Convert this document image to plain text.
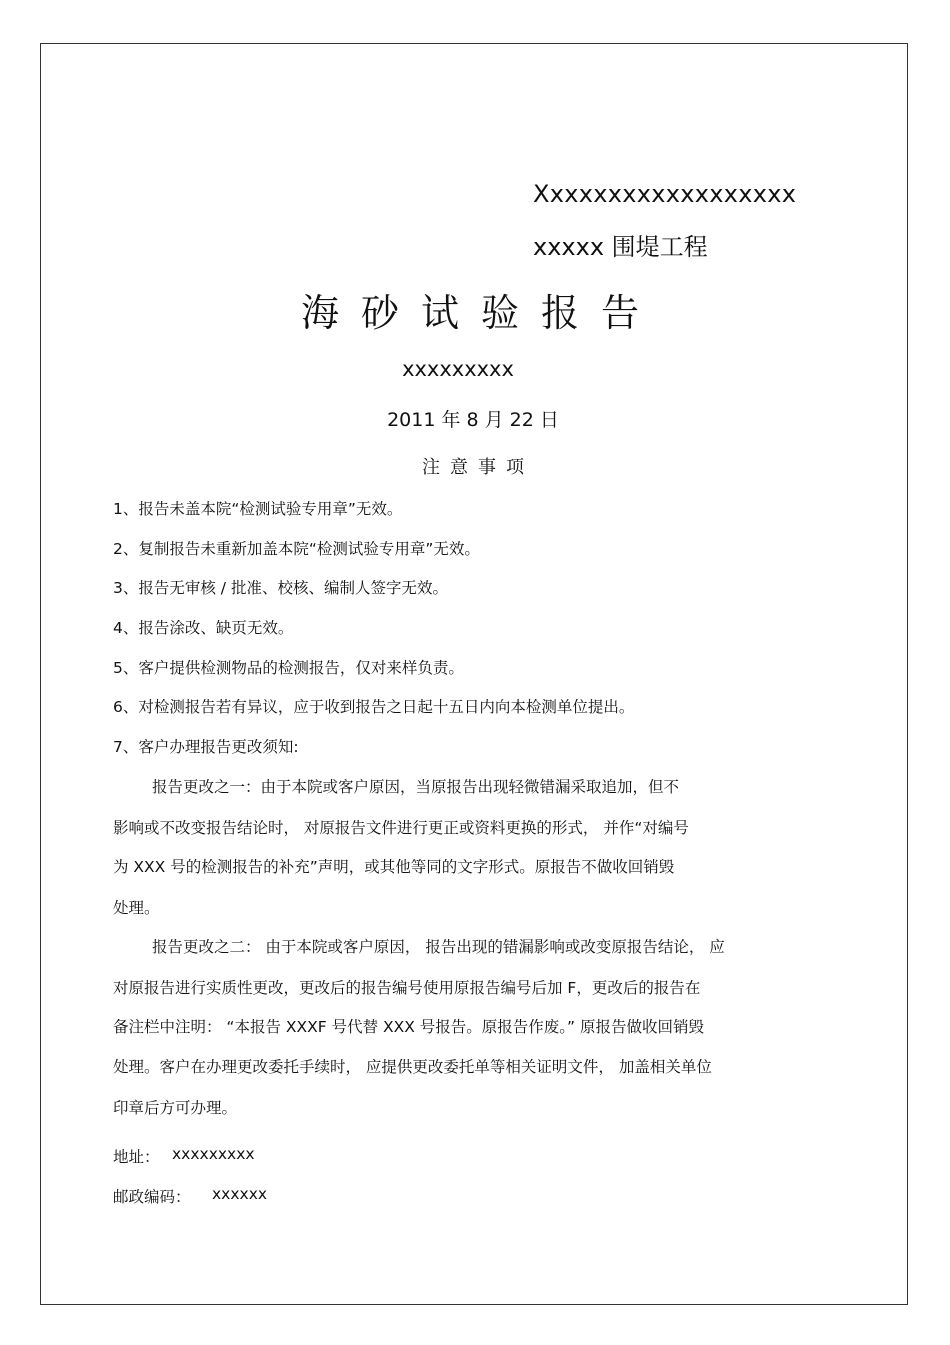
Xxxxxxxxxxxxxxxxxx
xxxxx 围堤工程
海砂试验报告
xxxxxxxxx
2011 年 8 月 22 日
注意事项
1、报告未盖本院“检测试验专用章”无效。
2、复制报告未重新加盖本院“检测试验专用章”无效。
3、报告无审核 / 批准、校核、编制人签字无效。
4、报告涂改、缺页无效。
5、客户提供检测物品的检测报告，仅对来样负责。
6、对检测报告若有异议，应于收到报告之日起十五日内向本检测单位提出。
7、客户办理报告更改须知:
报告更改之一：由于本院或客户原因，当原报告出现轻微错漏采取追加，但不
影响或不改变报告结论时， 对原报告文件进行更正或资料更换的形式， 并作“对编号
为 XXX 号的检测报告的补充”声明，或其他等同的文字形式。原报告不做收回销毁
处理。
报告更改之二： 由于本院或客户原因， 报告出现的错漏影响或改变原报告结论， 应
对原报告进行实质性更改，更改后的报告编号使用原报告编号后加 F，更改后的报告在
备注栏中注明： “本报告 XXXF 号代替 XXX 号报告。原报告作废。” 原报告做收回销毁
处理。客户在办理更改委托手续时， 应提供更改委托单等相关证明文件， 加盖相关单位
印章后方可办理。
地址： xxxxxxxxx
邮政编码： xxxxxx
